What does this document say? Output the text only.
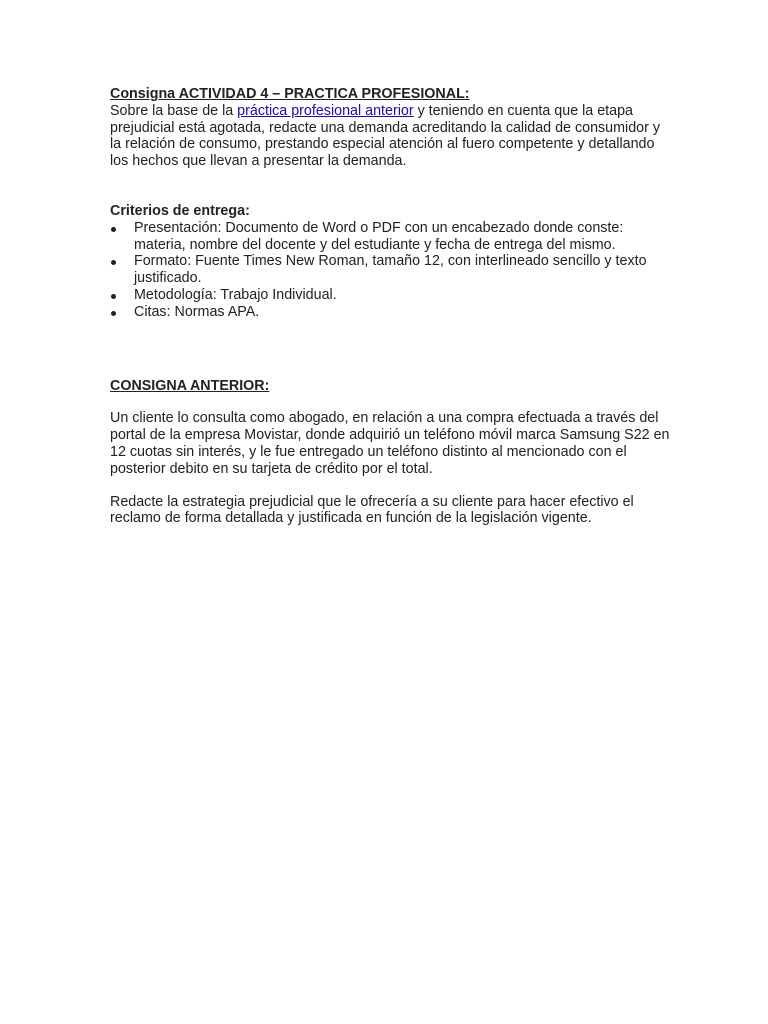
Consigna ACTIVIDAD 4 – PRACTICA PROFESIONAL:

Sobre la base de la práctica profesional anterior y teniendo en cuenta que la etapa prejudicial está agotada, redacte una demanda acreditando la calidad de consumidor y la relación de consumo, prestando especial atención al fuero competente y detallando los hechos que llevan a presentar la demanda.

Criterios de entrega:

Presentación: Documento de Word o PDF con un encabezado donde conste: materia, nombre del docente y del estudiante y fecha de entrega del mismo.
Formato: Fuente Times New Roman, tamaño 12, con interlineado sencillo y texto justificado.
Metodología: Trabajo Individual.
Citas: Normas APA.

CONSIGNA ANTERIOR:

Un cliente lo consulta como abogado, en relación a una compra efectuada a través del portal de la empresa Movistar, donde adquirió un teléfono móvil marca Samsung S22 en 12 cuotas sin interés, y le fue entregado un teléfono distinto al mencionado con el posterior debito en su tarjeta de crédito por el total.

Redacte la estrategia prejudicial que le ofrecería a su cliente para hacer efectivo el reclamo de forma detallada y justificada en función de la legislación vigente.
